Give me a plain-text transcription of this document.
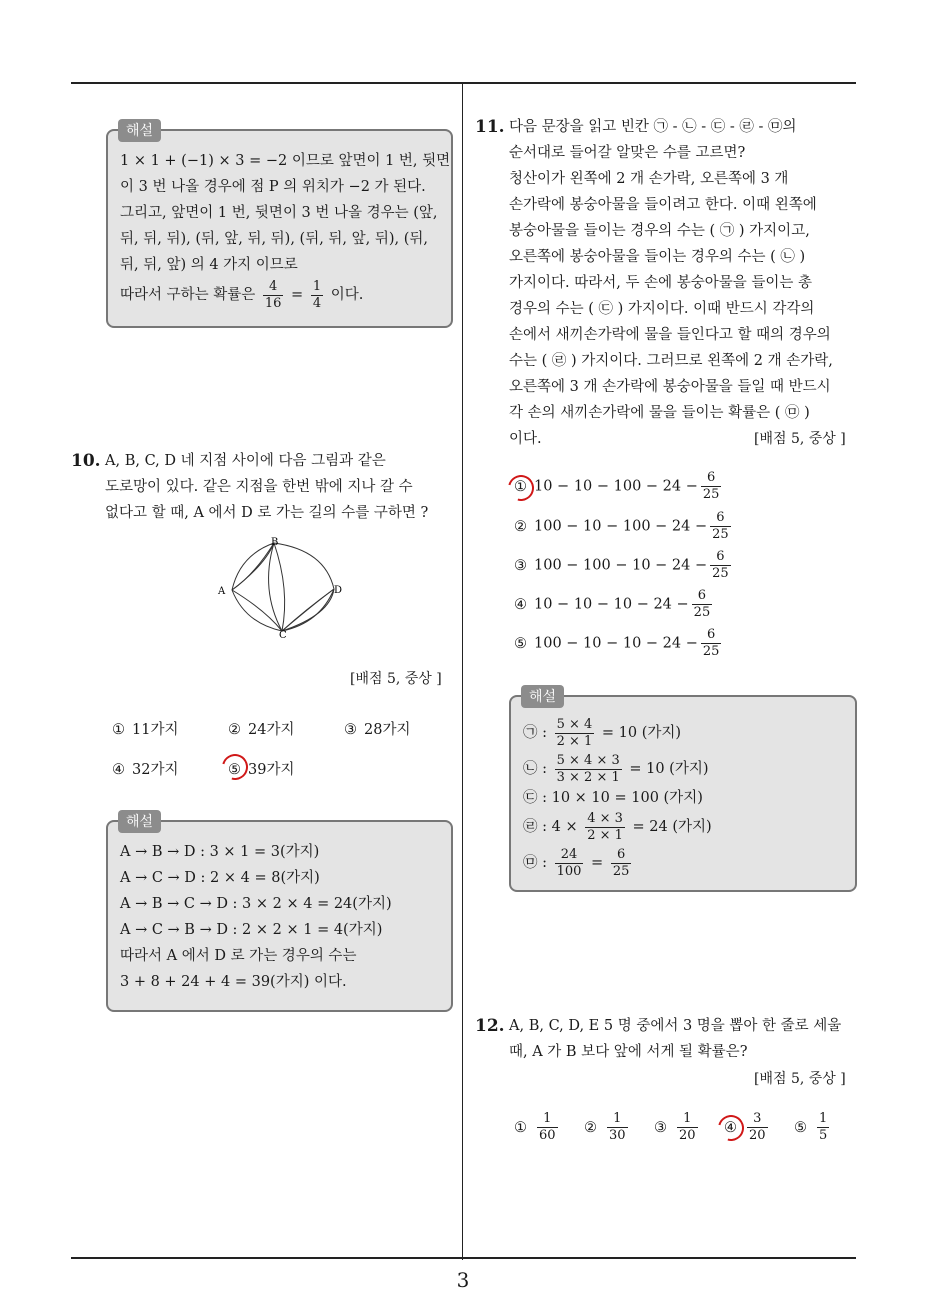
3
해설
1 × 1 + (−1) × 3 = −2 이므로 앞면이 1 번, 뒷면
이 3 번 나올 경우에 점 P 의 위치가 −2 가 된다.
그리고, 앞면이 1 번, 뒷면이 3 번 나올 경우는 (앞,
뒤, 뒤, 뒤), (뒤, 앞, 뒤, 뒤), (뒤, 뒤, 앞, 뒤), (뒤,
뒤, 뒤, 앞) 의 4 가지 이므로
따라서 구하는 확률은 $\frac{4}{16} = \frac{1}{4}$ 이다.
10. A, B, C, D 네 지점 사이에 다음 그림과 같은
도로망이 있다. 같은 지점을 한번 밖에 지나 갈 수
없다고 할 때, A 에서 D 로 가는 길의 수를 구하면 ?
A
B
C
D
[배점 5, 중상 ]
① 11가지	② 24가지	③ 28가지
④ 32가지	⑤ 39가지
해설
A → B → D : 3 × 1 = 3(가지)
A → C → D : 2 × 4 = 8(가지)
A → B → C → D : 3 × 2 × 4 = 24(가지)
A → C → B → D : 2 × 2 × 1 = 4(가지)
따라서 A 에서 D 로 가는 경우의 수는
3 + 8 + 24 + 4 = 39(가지) 이다.
11. 다음 문장을 읽고 빈칸 ㉠ - ㉡ - ㉢ - ㉣ - ㉤의
순서대로 들어갈 알맞은 수를 고르면?
청산이가 왼쪽에 2 개 손가락, 오른쪽에 3 개
손가락에 봉숭아물을 들이려고 한다. 이때 왼쪽에
봉숭아물을 들이는 경우의 수는 ( ㉠ ) 가지이고,
오른쪽에 봉숭아물을 들이는 경우의 수는 ( ㉡ )
가지이다. 따라서, 두 손에 봉숭아물을 들이는 총
경우의 수는 ( ㉢ ) 가지이다. 이때 반드시 각각의
손에서 새끼손가락에 물을 들인다고 할 때의 경우의
수는 ( ㉣ ) 가지이다. 그러므로 왼쪽에 2 개 손가락,
오른쪽에 3 개 손가락에 봉숭아물을 들일 때 반드시
각 손의 새끼손가락에 물을 들이는 확률은 ( ㉤ )
이다.	[배점 5, 중상 ]
① $10 - 10 - 100 - 24 - \frac{6}{25}$
② $100 - 10 - 100 - 24 - \frac{6}{25}$
③ $100 - 100 - 10 - 24 - \frac{6}{25}$
④ $10 - 10 - 10 - 24 - \frac{6}{25}$
⑤ $100 - 10 - 10 - 24 - \frac{6}{25}$
해설
㉠ : $\frac{5 \times 4}{2 \times 1} = 10$ (가지)
㉡ : $\frac{5 \times 4 \times 3}{3 \times 2 \times 1} = 10$ (가지)
㉢ : 10 × 10 = 100 (가지)
㉣ : $4 \times \frac{4 \times 3}{2 \times 1} = 24$ (가지)
㉤ : $\frac{24}{100} = \frac{6}{25}$
12. A, B, C, D, E 5 명 중에서 3 명을 뽑아 한 줄로 세울
때, A 가 B 보다 앞에 서게 될 확률은?
[배점 5, 중상 ]
① $\frac{1}{60}$ ② $\frac{1}{30}$ ③ $\frac{1}{20}$ ④ $\frac{3}{20}$ ⑤ $\frac{1}{5}$
